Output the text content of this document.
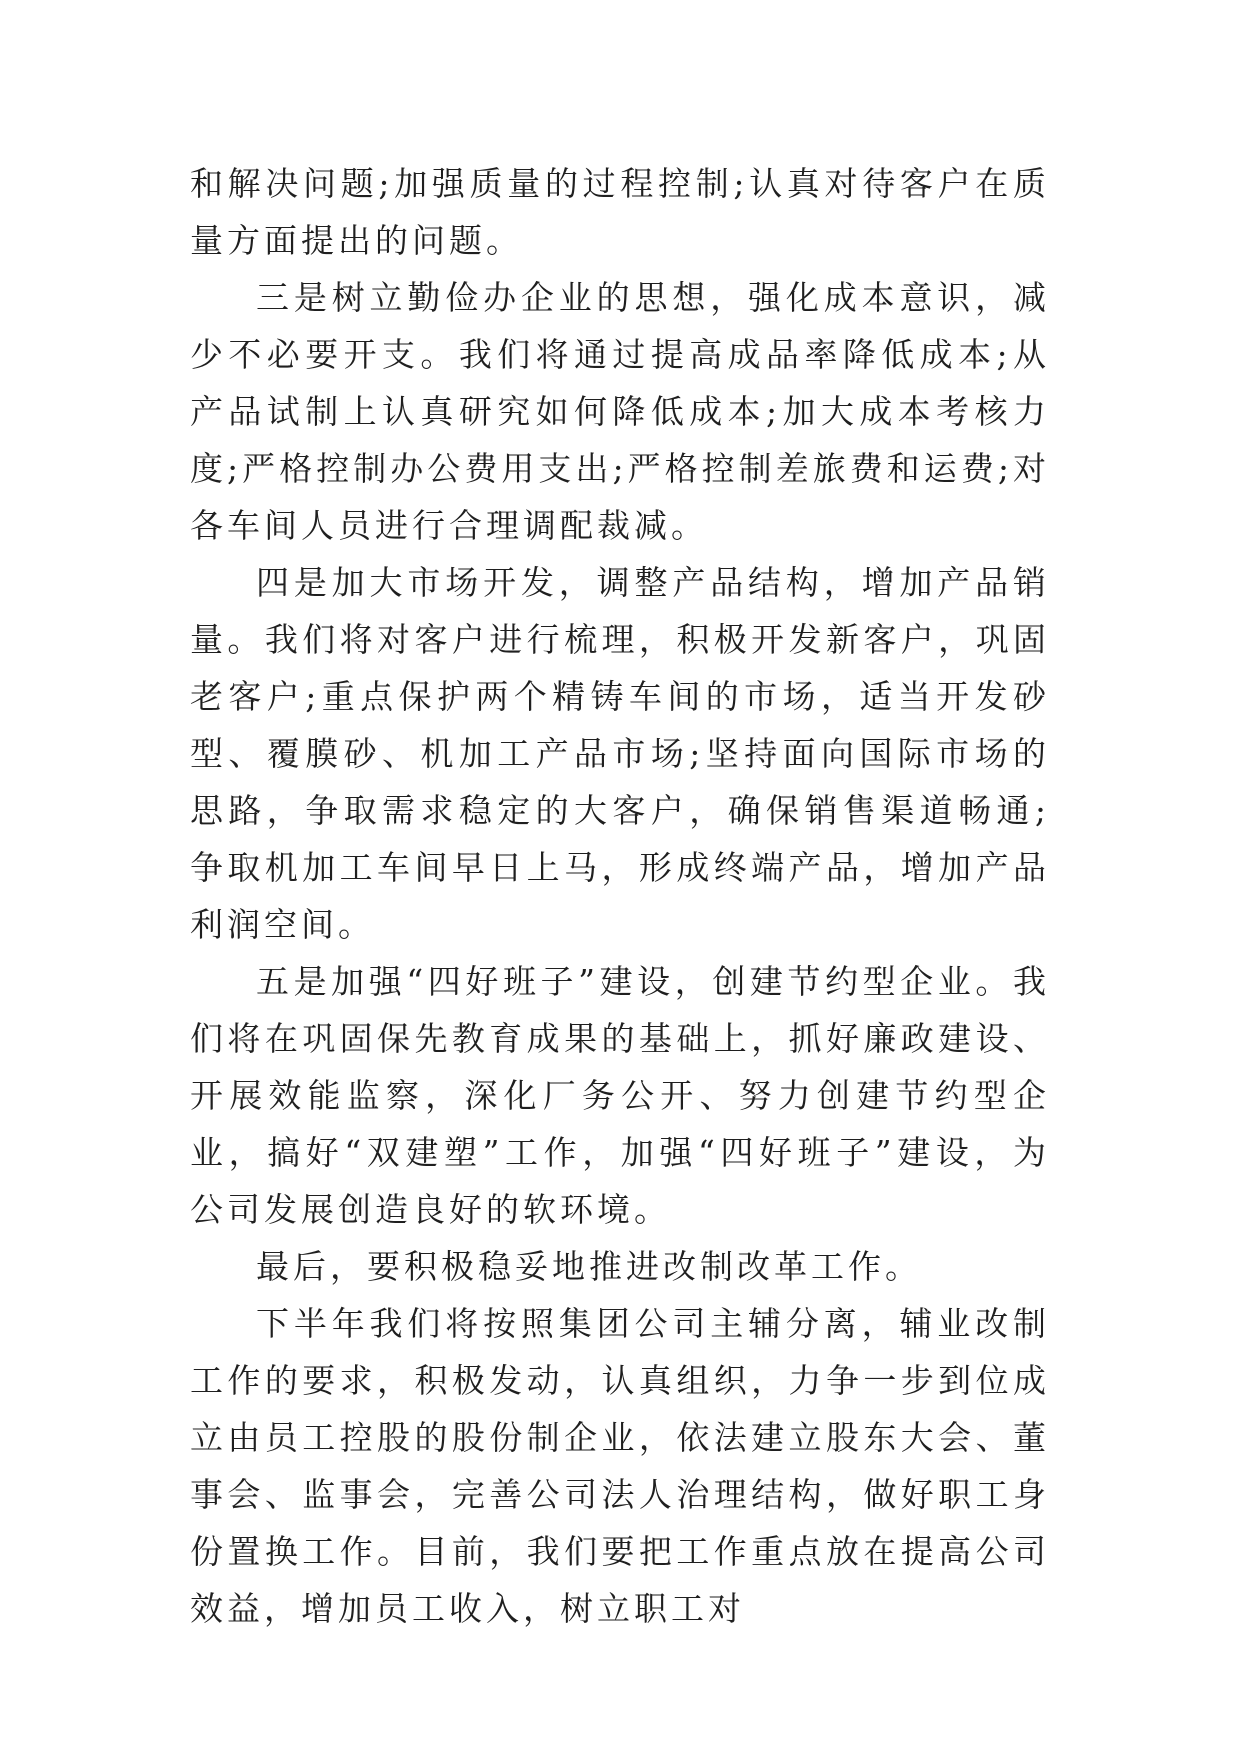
和解决问题;加强质量的过程控制;认真对待客户在质量方面提出的问题。

三是树立勤俭办企业的思想，强化成本意识，减少不必要开支。我们将通过提高成品率降低成本;从产品试制上认真研究如何降低成本;加大成本考核力度;严格控制办公费用支出;严格控制差旅费和运费;对各车间人员进行合理调配裁减。

四是加大市场开发，调整产品结构，增加产品销量。我们将对客户进行梳理，积极开发新客户，巩固老客户;重点保护两个精铸车间的市场，适当开发砂型、覆膜砂、机加工产品市场;坚持面向国际市场的思路，争取需求稳定的大客户，确保销售渠道畅通;争取机加工车间早日上马，形成终端产品，增加产品利润空间。

五是加强“四好班子”建设，创建节约型企业。我们将在巩固保先教育成果的基础上，抓好廉政建设、开展效能监察，深化厂务公开、努力创建节约型企业，搞好“双建塑”工作，加强“四好班子”建设，为公司发展创造良好的软环境。

最后，要积极稳妥地推进改制改革工作。

下半年我们将按照集团公司主辅分离，辅业改制工作的要求，积极发动，认真组织，力争一步到位成立由员工控股的股份制企业，依法建立股东大会、董事会、监事会，完善公司法人治理结构，做好职工身份置换工作。目前，我们要把工作重点放在提高公司效益，增加员工收入，树立职工对
